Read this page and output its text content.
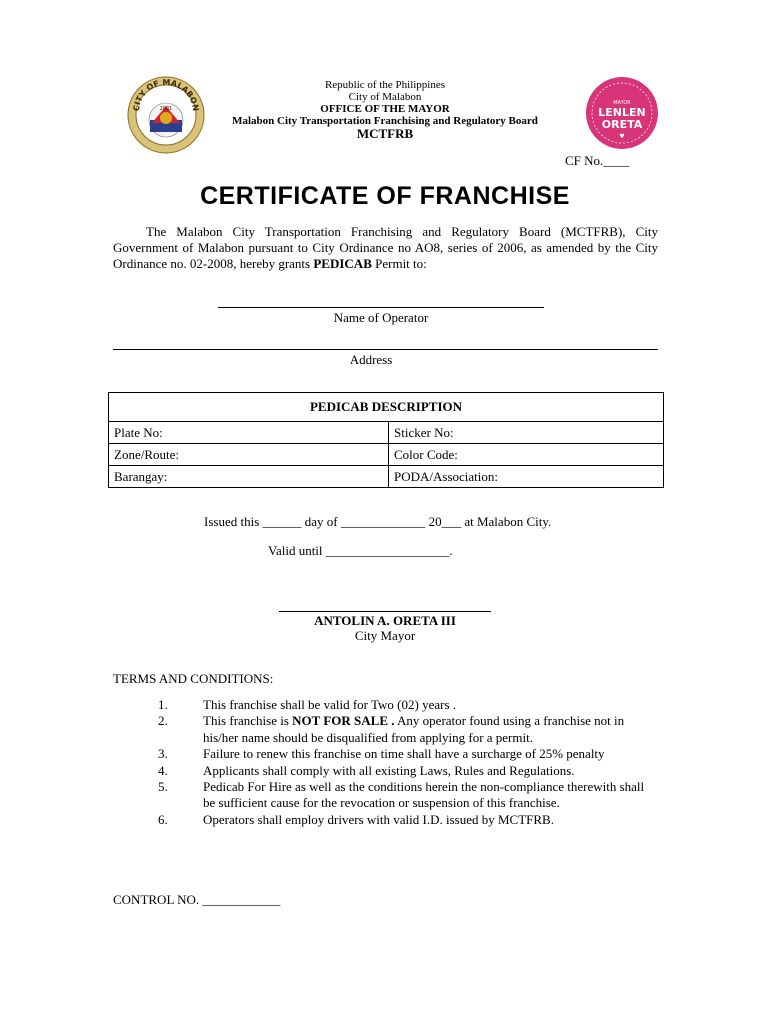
CITY OF MALABON
2001
MAYOR
LENLEN
ORETA
♥
Republic of the Philippines
City of Malabon
OFFICE OF THE MAYOR
Malabon City Transportation Franchising and Regulatory Board
MCTFRB
CF No.____
CERTIFICATE OF FRANCHISE
The Malabon City Transportation Franchising and Regulatory Board (MCTFRB), City Government of Malabon pursuant to City Ordinance no AO8, series of 2006, as amended by the City Ordinance no. 02-2008, hereby grants PEDICAB Permit to:
Name of Operator
Address
PEDICAB DESCRIPTION	
Plate No:	Sticker No:
Zone/Route:	Color Code:
Barangay:	PODA/Association:
Issued this ______ day of _____________ 20___ at Malabon City.
Valid until ___________________.
ANTOLIN A. ORETA III
City Mayor
TERMS AND CONDITIONS:
1.	This franchise shall be valid for Two (02) years .
2.	This franchise is NOT FOR SALE . Any operator found using a franchise not in his/her name should be disqualified from applying for a permit.
3.	Failure to renew this franchise on time shall have a surcharge of 25% penalty
4.	Applicants shall comply with all existing Laws, Rules and Regulations.
5.	Pedicab For Hire as well as the conditions herein the non-compliance therewith shall be sufficient cause for the revocation or suspension of this franchise.
6.	Operators shall employ drivers with valid I.D. issued by MCTFRB.
CONTROL NO. ____________
